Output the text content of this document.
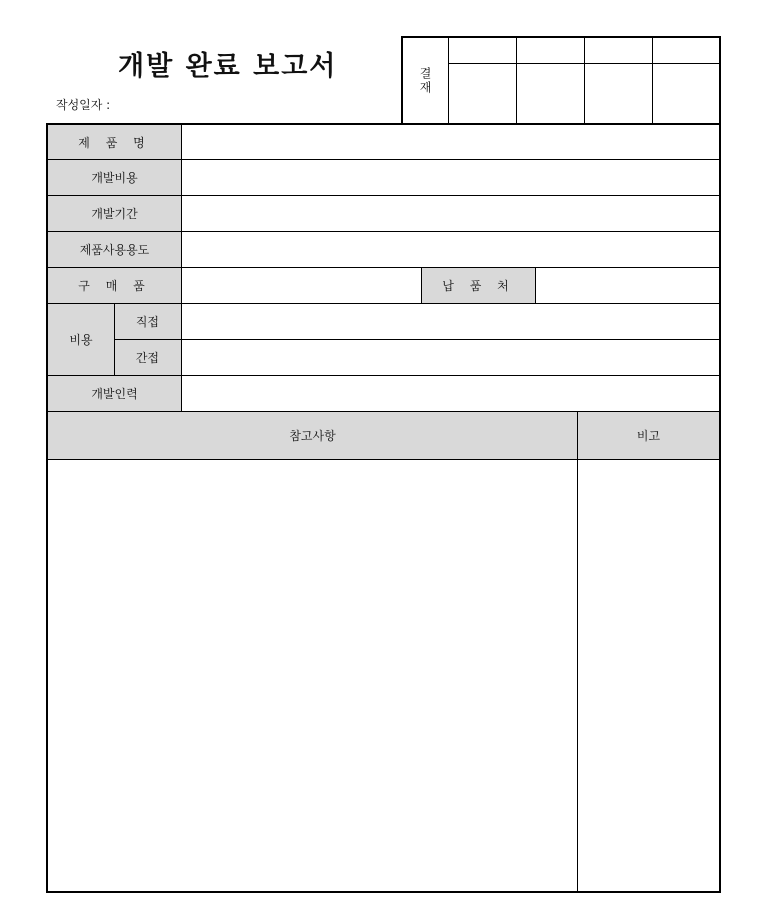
개발 완료 보고서
작성일자 :
결재
제 품 명
개발비용
개발기간
제품사용용도
구 매 품	납 품 처
비용
직접
간접
개발인력
참고사항	비고
